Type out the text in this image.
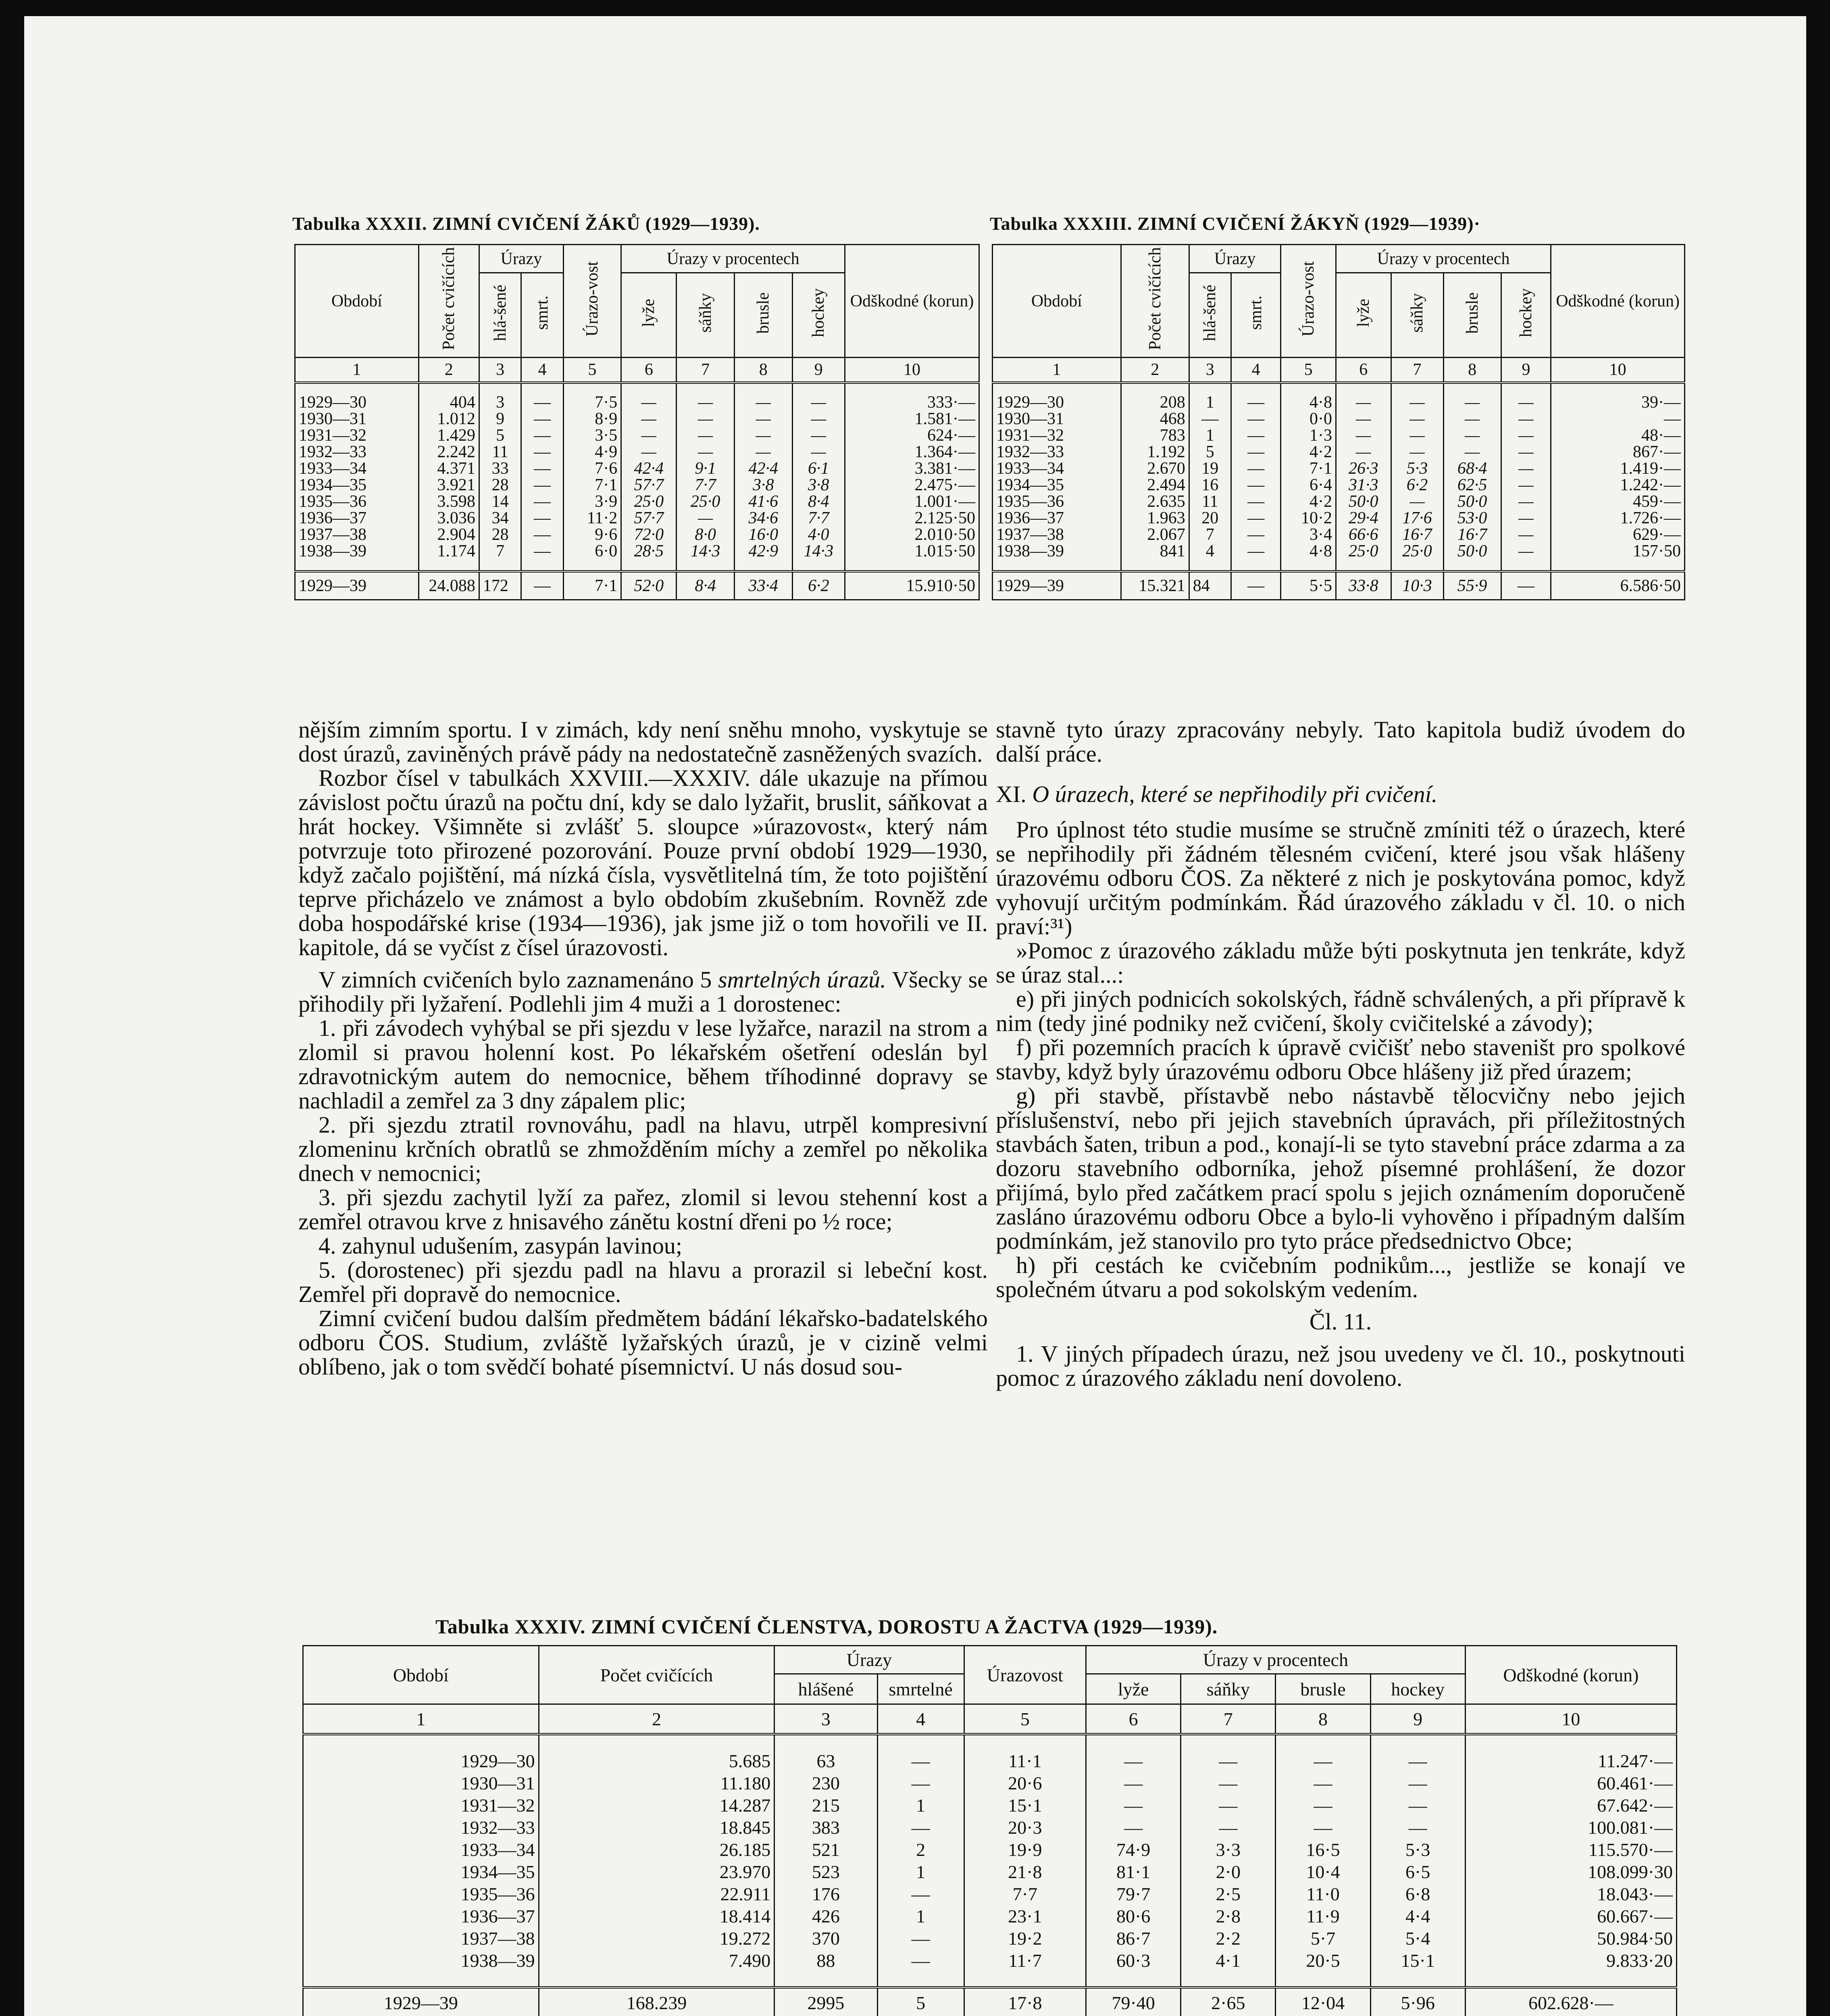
Tabulka XXXII. ZIMNÍ CVIČENÍ ŽÁKŮ (1929—1939).
Období	Počet cvičících	Úrazy		Úrazo-vost	Úrazy v procentech				Odškodné (korun)
		hlá-šené	smrt.		lyže	sáňky	brusle	hockey	
1	2	3	4	5	6	7	8	9	10

1929—30	404	3	—	7·5	—	—	—	—	333·—
1930—31	1.012	9	—	8·9	—	—	—	—	1.581·—
1931—32	1.429	5	—	3·5	—	—	—	—	624·—
1932—33	2.242	11	—	4·9	—	—	—	—	1.364·—
1933—34	4.371	33	—	7·6	42·4	9·1	42·4	6·1	3.381·—
1934—35	3.921	28	—	7·1	57·7	7·7	3·8	3·8	2.475·—
1935—36	3.598	14	—	3·9	25·0	25·0	41·6	8·4	1.001·—
1936—37	3.036	34	—	11·2	57·7	—	34·6	7·7	2.125·50
1937—38	2.904	28	—	9·6	72·0	8·0	16·0	4·0	2.010·50
1938—39	1.174	7	—	6·0	28·5	14·3	42·9	14·3	1.015·50

1929—39	24.088	172	—	7·1	52·0	8·4	33·4	6·2	15.910·50
Tabulka XXXIII. ZIMNÍ CVIČENÍ ŽÁKYŇ (1929—1939)·
Období	Počet cvičících	Úrazy		Úrazo-vost	Úrazy v procentech				Odškodné (korun)
		hlá-šené	smrt.		lyže	sáňky	brusle	hockey	
1	2	3	4	5	6	7	8	9	10

1929—30	208	1	—	4·8	—	—	—	—	39·—
1930—31	468	—	—	0·0	—	—	—	—	—
1931—32	783	1	—	1·3	—	—	—	—	48·—
1932—33	1.192	5	—	4·2	—	—	—	—	867·—
1933—34	2.670	19	—	7·1	26·3	5·3	68·4	—	1.419·—
1934—35	2.494	16	—	6·4	31·3	6·2	62·5	—	1.242·—
1935—36	2.635	11	—	4·2	50·0	—	50·0	—	459·—
1936—37	1.963	20	—	10·2	29·4	17·6	53·0	—	1.726·—
1937—38	2.067	7	—	3·4	66·6	16·7	16·7	—	629·—
1938—39	841	4	—	4·8	25·0	25·0	50·0	—	157·50

1929—39	15.321	84	—	5·5	33·8	10·3	55·9	—	6.586·50

nějším zimním sportu. I v zimách, kdy není sněhu mnoho, vyskytuje se dost úrazů, zaviněných právě pády na nedostatečně zasněžených svazích.

Rozbor čísel v tabulkách XXVIII.—XXXIV. dále ukazuje na přímou závislost počtu úrazů na počtu dní, kdy se dalo lyžařit, bruslit, sáňkovat a hrát hockey. Všimněte si zvlášť 5. sloupce »úrazovost«, který nám potvrzuje toto přirozené pozorování. Pouze první období 1929—1930, když začalo pojištění, má nízká čísla, vysvětlitelná tím, že toto pojištění teprve přicházelo ve známost a bylo obdobím zkušebním. Rovněž zde doba hospodářské krise (1934—1936), jak jsme již o tom hovořili ve II. kapitole, dá se vyčíst z čísel úrazovosti.

V zimních cvičeních bylo zaznamenáno 5 smrtelných úrazů. Všecky se přihodily při lyžaření. Podlehli jim 4 muži a 1 dorostenec:

1. při závodech vyhýbal se při sjezdu v lese lyžařce, narazil na strom a zlomil si pravou holenní kost. Po lékařském ošetření odeslán byl zdravotnickým autem do nemocnice, během tříhodinné dopravy se nachladil a zemřel za 3 dny zápalem plic;

2. při sjezdu ztratil rovnováhu, padl na hlavu, utrpěl kompresivní zlomeninu krčních obratlů se zhmožděním míchy a zemřel po několika dnech v nemocnici;

3. při sjezdu zachytil lyží za pařez, zlomil si levou stehenní kost a zemřel otravou krve z hnisavého zánětu kostní dřeni po ½ roce;

4. zahynul udušením, zasypán lavinou;

5. (dorostenec) při sjezdu padl na hlavu a prorazil si lebeční kost. Zemřel při dopravě do nemocnice.

Zimní cvičení budou dalším předmětem bádání lékařsko-badatelského odboru ČOS. Studium, zvláště lyžařských úrazů, je v cizině velmi oblíbeno, jak o tom svědčí bohaté písemnictví. U nás dosud sou-

stavně tyto úrazy zpracovány nebyly. Tato kapitola budiž úvodem do další práce.

XI. O úrazech, které se nepřihodily při cvičení.

Pro úplnost této studie musíme se stručně zmíniti též o úrazech, které se nepřihodily při žádném tělesném cvičení, které jsou však hlášeny úrazovému odboru ČOS. Za některé z nich je poskytována pomoc, když vyhovují určitým podmínkám. Řád úrazového základu v čl. 10. o nich praví:³¹)

»Pomoc z úrazového základu může býti poskytnuta jen tenkráte, když se úraz stal...:

e) při jiných podnicích sokolských, řádně schválených, a při přípravě k nim (tedy jiné podniky než cvičení, školy cvičitelské a závody);

f) při pozemních pracích k úpravě cvičišť nebo staveništ pro spolkové stavby, když byly úrazovému odboru Obce hlášeny již před úrazem;

g) při stavbě, přístavbě nebo nástavbě tělocvičny nebo jejich příslušenství, nebo při jejich stavebních úpravách, při příležitostných stavbách šaten, tribun a pod., konají-li se tyto stavební práce zdarma a za dozoru stavebního odborníka, jehož písemné prohlášení, že dozor přijímá, bylo před začátkem prací spolu s jejich oznámením doporučeně zasláno úrazovému odboru Obce a bylo-li vyhověno i případným dalším podmínkám, jež stanovilo pro tyto práce předsednictvo Obce;

h) při cestách ke cvičebním podnikům..., jestliže se konají ve společném útvaru a pod sokolským vedením.

Čl. 11.

1. V jiných případech úrazu, než jsou uvedeny ve čl. 10., poskytnouti pomoc z úrazového základu není dovoleno.

Tabulka XXXIV. ZIMNÍ CVIČENÍ ČLENSTVA, DOROSTU A ŽACTVA (1929—1939).
Období	Počet cvičících	Úrazy		Úrazovost	Úrazy v procentech				Odškodné (korun)
		hlášené	smrtelné		lyže	sáňky	brusle	hockey	
1	2	3	4	5	6	7	8	9	10

1929—30	5.685	63	—	11·1	—	—	—	—	11.247·—
1930—31	11.180	230	—	20·6	—	—	—	—	60.461·—
1931—32	14.287	215	1	15·1	—	—	—	—	67.642·—
1932—33	18.845	383	—	20·3	—	—	—	—	100.081·—
1933—34	26.185	521	2	19·9	74·9	3·3	16·5	5·3	115.570·—
1934—35	23.970	523	1	21·8	81·1	2·0	10·4	6·5	108.099·30
1935—36	22.911	176	—	7·7	79·7	2·5	11·0	6·8	18.043·—
1936—37	18.414	426	1	23·1	80·6	2·8	11·9	4·4	60.667·—
1937—38	19.272	370	—	19·2	86·7	2·2	5·7	5·4	50.984·50
1938—39	7.490	88	—	11·7	60·3	4·1	20·5	15·1	9.833·20

1929—39	168.239	2995	5	17·8	79·40	2·65	12·04	5·96	602.628·—
